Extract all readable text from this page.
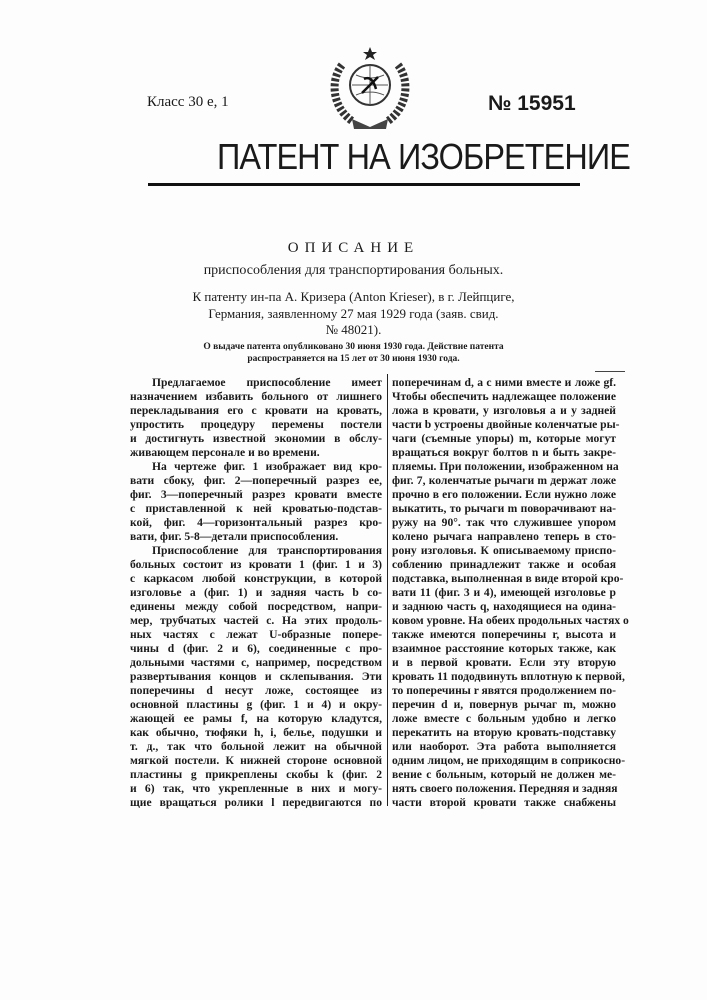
Класс 30 е, 1	№ 15951
ПАТЕНТ НА ИЗОБРЕТЕНИЕ
ОПИСАНИЕ
приспособления для транспортирования больных.
К патенту ин-па А. Кризера (Anton Krieser), в г. Лейпциге,
Германия, заявленному 27 мая 1929 года (заяв. свид.
№ 48021).
О выдаче патента опубликовано 30 июня 1930 года. Действие патента
распространяется на 15 лет от 30 июня 1930 года.
Предлагаемое приспособление имеет
назначением избавить больного от лишнего
перекладывания его с кровати на кровать,
упростить процедуру перемены постели
и достигнуть известной экономии в обслу-
живающем персонале и во времени.
На чертеже фиг. 1 изображает вид кро-
вати сбоку, фиг. 2—поперечный разрез ее,
фиг. 3—поперечный разрез кровати вместе
с приставленной к ней кроватью-подстав-
кой, фиг. 4—горизонтальный разрез кро-
вати, фиг. 5-8—детали приспособления.
Приспособление для транспортирования
больных состоит из кровати 1 (фиг. 1 и 3)
с каркасом любой конструкции, в которой
изголовье a (фиг. 1) и задняя часть b со-
единены между собой посредством, напри-
мер, трубчатых частей c. На этих продоль-
ных частях c лежат U-образные попере-
чины d (фиг. 2 и 6), соединенные с про-
дольными частями c, например, посредством
развертывания концов и склепывания. Эти
поперечины d несут ложе, состоящее из
основной пластины g (фиг. 1 и 4) и окру-
жающей ее рамы f, на которую кладутся,
как обычно, тюфяки h, i, белье, подушки и
т. д., так что больной лежит на обычной
мягкой постели. К нижней стороне основной
пластины g прикреплены скобы k (фиг. 2
и 6) так, что укрепленные в них и могу-
щие вращаться ролики l передвигаются по
поперечинам d, а с ними вместе и ложе gf.
Чтобы обеспечить надлежащее положение
ложа в кровати, у изголовья a и у задней
части b устроены двойные коленчатые ры-
чаги (съемные упоры) m, которые могут
вращаться вокруг болтов n и быть закре-
пляемы. При положении, изображенном на
фиг. 7, коленчатые рычаги m держат ложе
прочно в его положении. Если нужно ложе
выкатить, то рычаги m поворачивают на-
ружу на 90°. так что служившее упором
колено рычага направлено теперь в сто-
рону изголовья. К описываемому приспо-
соблению принадлежит также и особая
подставка, выполненная в виде второй кро-
вати 11 (фиг. 3 и 4), имеющей изголовье p
и заднюю часть q, находящиеся на одина-
ковом уровне. На обеих продольных частях o
также имеются поперечины r, высота и
взаимное расстояние которых также, как
и в первой кровати. Если эту вторую
кровать 11 пододвинуть вплотную к первой,
то поперечины r явятся продолжением по-
перечин d и, повернув рычаг m, можно
ложе вместе с больным удобно и легко
перекатить на вторую кровать-подставку
или наоборот. Эта работа выполняется
одним лицом, не приходящим в соприкосно-
вение с больным, который не должен ме-
нять своего положения. Передняя и задняя
части второй кровати также снабжены
